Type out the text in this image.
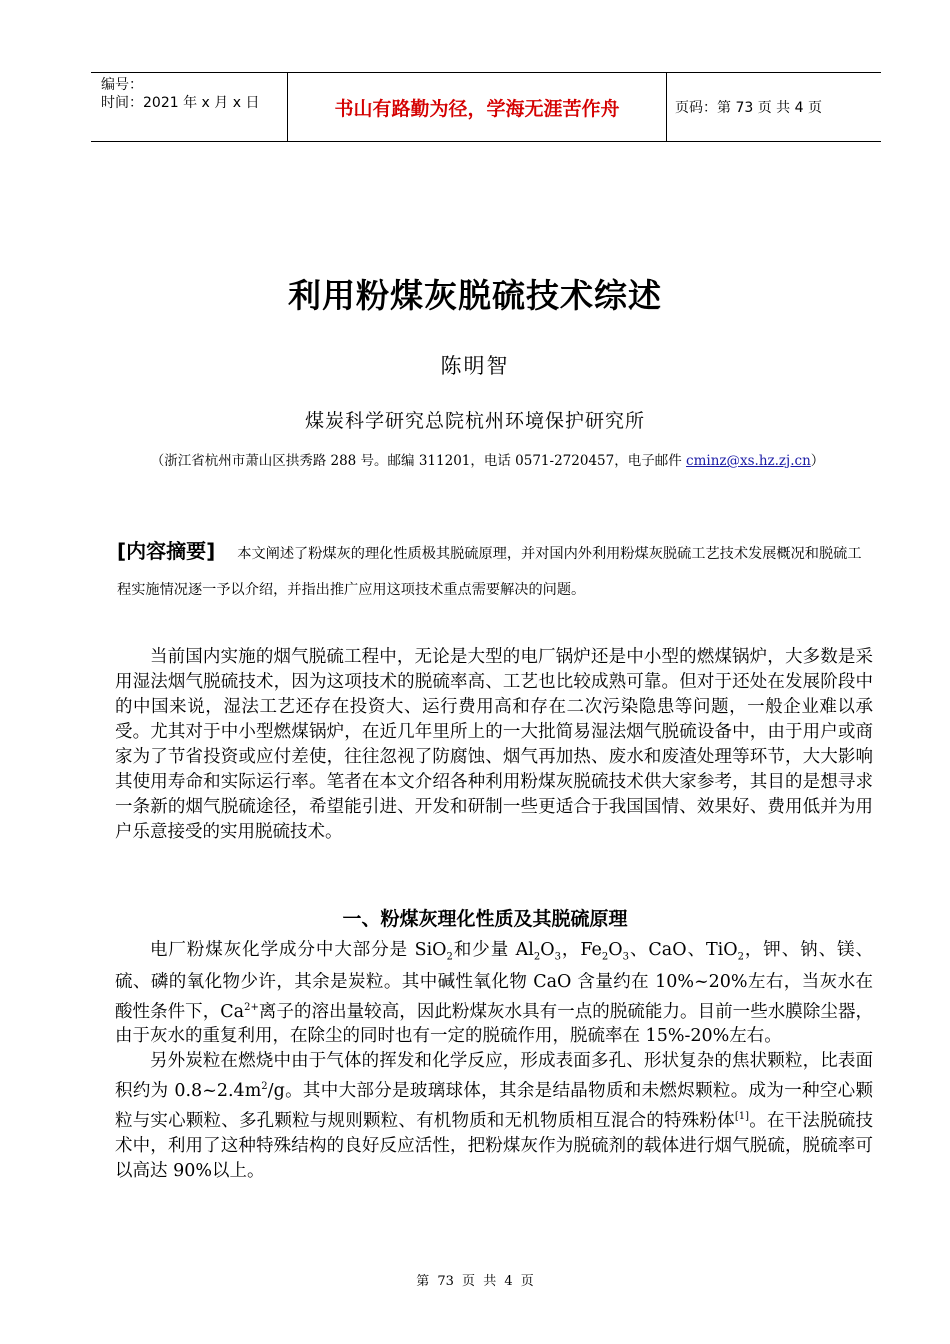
编号：
时间：2021 年 x 月 x 日	书山有路勤为径，学海无涯苦作舟	页码：第 73 页 共 4 页
利用粉煤灰脱硫技术综述
陈明智
煤炭科学研究总院杭州环境保护研究所
（浙江省杭州市萧山区拱秀路 288 号。邮编 311201，电话 0571-2720457，电子邮件 cminz@xs.hz.zj.cn）
[内容摘要] 本文阐述了粉煤灰的理化性质极其脱硫原理，并对国内外利用粉煤灰脱硫工艺技术发展概况和脱硫工程实施情况逐一予以介绍，并指出推广应用这项技术重点需要解决的问题。

当前国内实施的烟气脱硫工程中，无论是大型的电厂锅炉还是中小型的燃煤锅炉，大多数是采用湿法烟气脱硫技术，因为这项技术的脱硫率高、工艺也比较成熟可靠。但对于还处在发展阶段中的中国来说，湿法工艺还存在投资大、运行费用高和存在二次污染隐患等问题，一般企业难以承受。尤其对于中小型燃煤锅炉，在近几年里所上的一大批简易湿法烟气脱硫设备中，由于用户或商家为了节省投资或应付差使，往往忽视了防腐蚀、烟气再加热、废水和废渣处理等环节，大大影响其使用寿命和实际运行率。笔者在本文介绍各种利用粉煤灰脱硫技术供大家参考，其目的是想寻求一条新的烟气脱硫途径，希望能引进、开发和研制一些更适合于我国国情、效果好、费用低并为用户乐意接受的实用脱硫技术。

一、粉煤灰理化性质及其脱硫原理

电厂粉煤灰化学成分中大部分是 SiO$_2$和少量 $Al_2O_3$，$Fe_2O_3$、CaO、TiO$_2$，钾、钠、镁、硫、磷的氧化物少许，其余是炭粒。其中碱性氧化物 CaO 含量约在 10%~20%左右，当灰水在酸性条件下，$Ca^{2+}$离子的溶出量较高，因此粉煤灰水具有一点的脱硫能力。目前一些水膜除尘器，由于灰水的重复利用，在除尘的同时也有一定的脱硫作用，脱硫率在 15%-20%左右。

另外炭粒在燃烧中由于气体的挥发和化学反应，形成表面多孔、形状复杂的焦状颗粒，比表面积约为 $0.8\sim 2.4m^2/g$。其中大部分是玻璃球体，其余是结晶物质和未燃烬颗粒。成为一种空心颗粒与实心颗粒、多孔颗粒与规则颗粒、有机物质和无机物质相互混合的特殊粉体[1]。在干法脱硫技术中，利用了这种特殊结构的良好反应活性，把粉煤灰作为脱硫剂的载体进行烟气脱硫，脱硫率可以高达 90%以上。

第 73 页 共 4 页
